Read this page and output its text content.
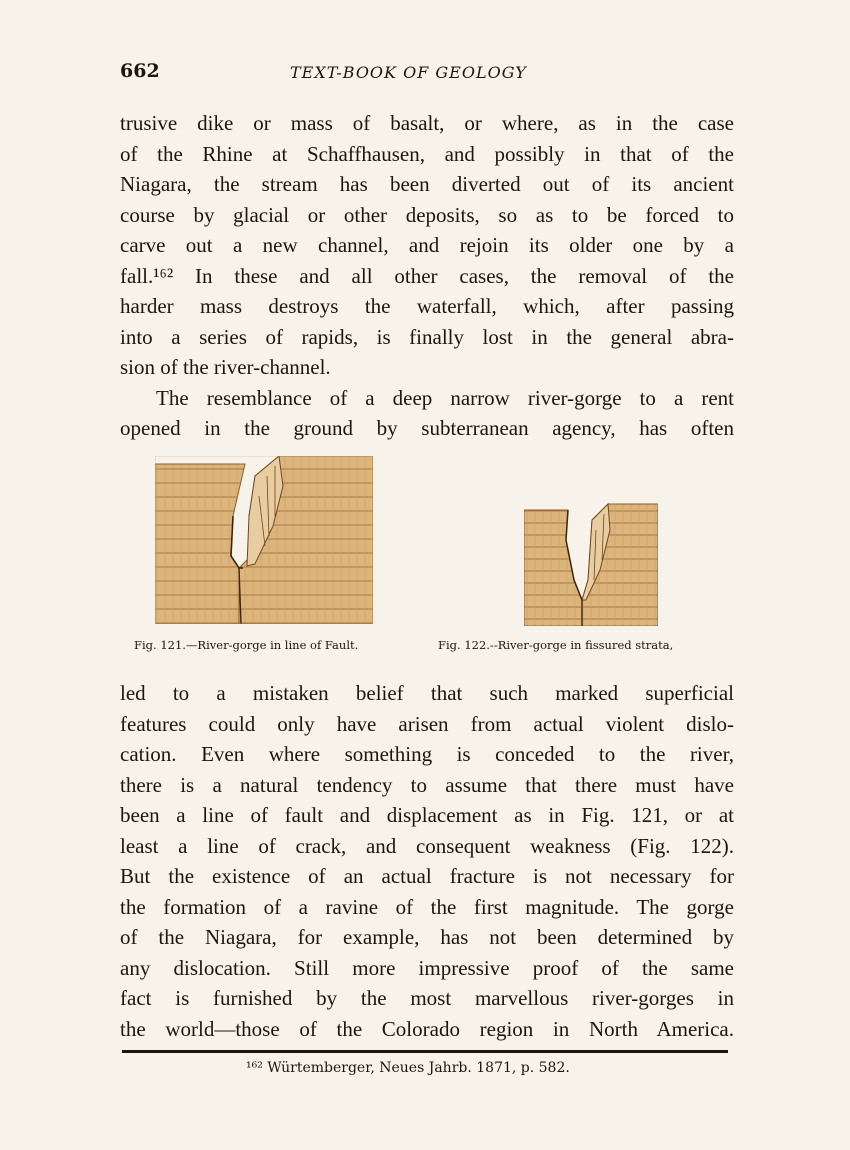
662	TEXT-BOOK OF GEOLOGY
trusive dike or mass of basalt, or where, as in the case
of the Rhine at Schaffhausen, and possibly in that of the
Niagara, the stream has been diverted out of its ancient
course by glacial or other deposits, so as to be forced to
carve out a new channel, and rejoin its older one by a
fall.¹⁶² In these and all other cases, the removal of the
harder mass destroys the waterfall, which, after passing
into a series of rapids, is finally lost in the general abra-
sion of the river-channel.
The resemblance of a deep narrow river-gorge to a rent
opened in the ground by subterranean agency, has often
Fig. 121.—River-gorge in line of Fault.	Fig. 122.--River-gorge in fissured strata,
led to a mistaken belief that such marked superficial
features could only have arisen from actual violent dislo-
cation. Even where something is conceded to the river,
there is a natural tendency to assume that there must have
been a line of fault and displacement as in Fig. 121, or at
least a line of crack, and consequent weakness (Fig. 122).
But the existence of an actual fracture is not necessary for
the formation of a ravine of the first magnitude. The gorge
of the Niagara, for example, has not been determined by
any dislocation. Still more impressive proof of the same
fact is furnished by the most marvellous river-gorges in
the world—those of the Colorado region in North America.
¹⁶² Würtemberger, Neues Jahrb. 1871, p. 582.
